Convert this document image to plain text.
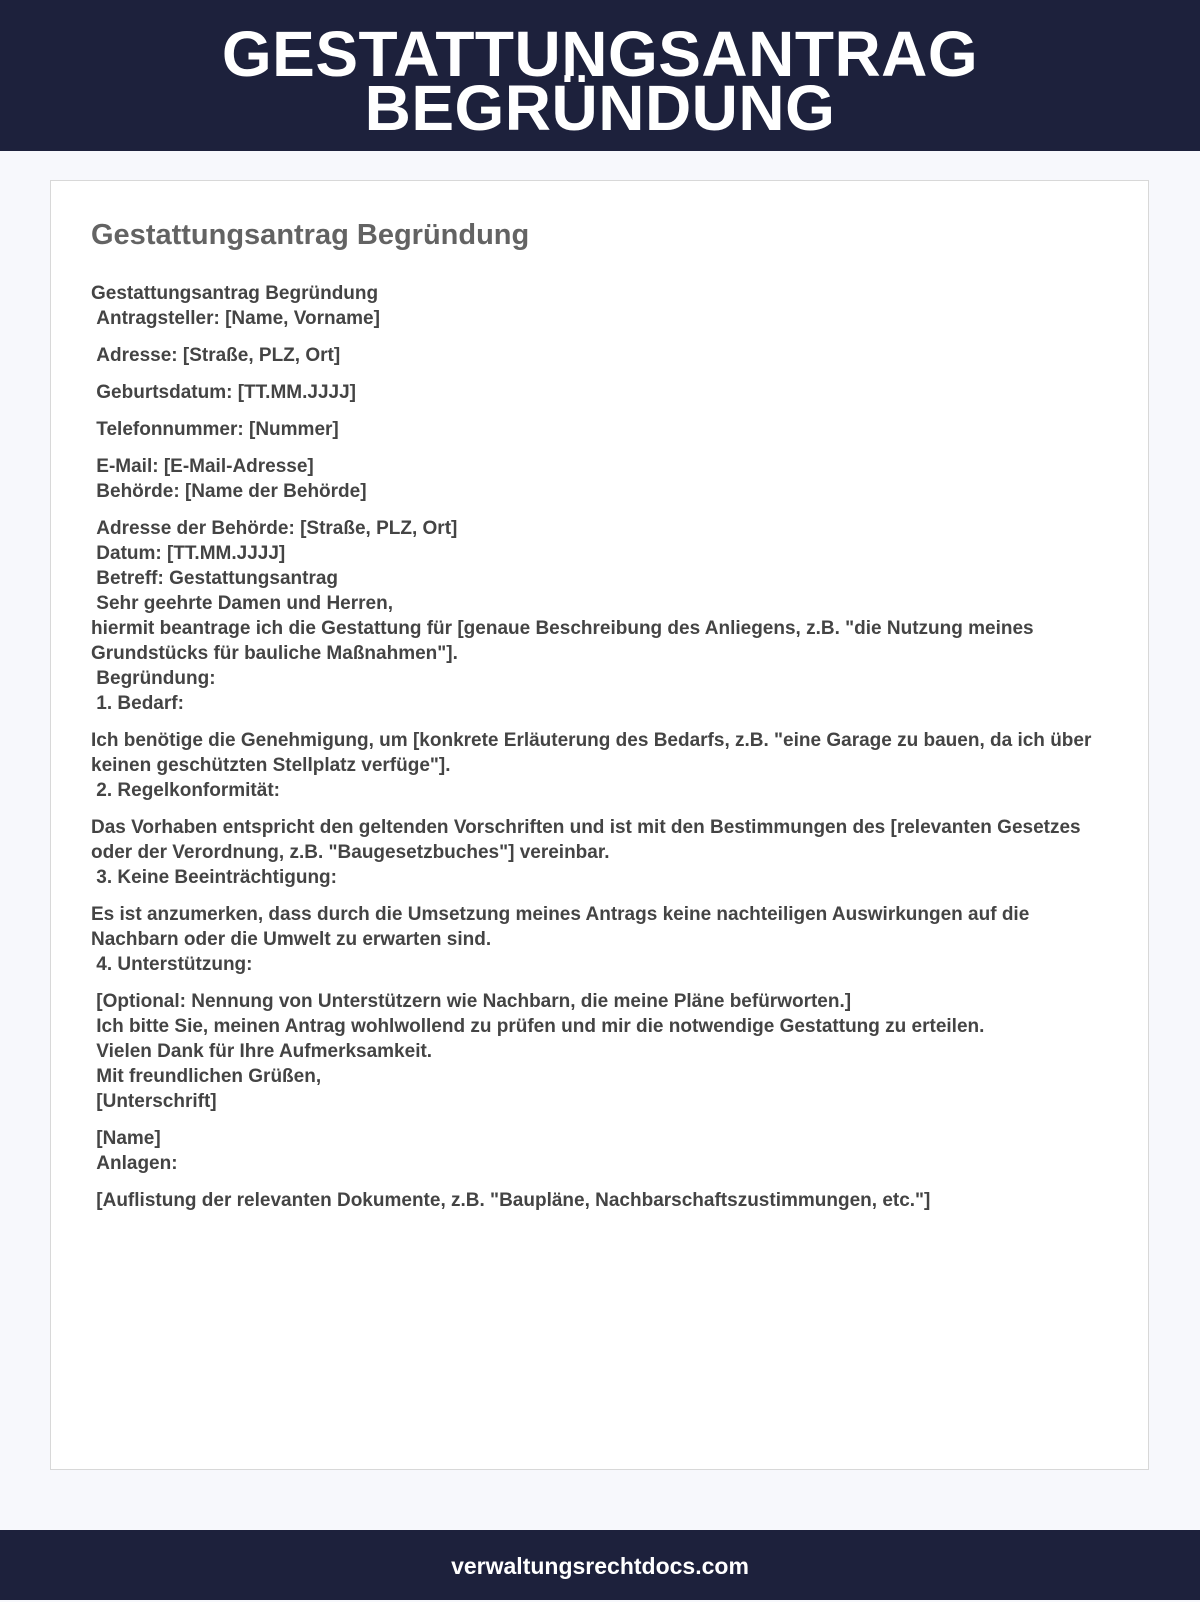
GESTATTUNGSANTRAG
BEGRÜNDUNG
Gestattungsantrag Begründung
Gestattungsantrag Begründung
Antragsteller: [Name, Vorname]
Adresse: [Straße, PLZ, Ort]
Geburtsdatum: [TT.MM.JJJJ]
Telefonnummer: [Nummer]
E-Mail: [E-Mail-Adresse]
Behörde: [Name der Behörde]
Adresse der Behörde: [Straße, PLZ, Ort]
Datum: [TT.MM.JJJJ]
Betreff: Gestattungsantrag
Sehr geehrte Damen und Herren,
hiermit beantrage ich die Gestattung für [genaue Beschreibung des Anliegens, z.B. "die Nutzung meines Grundstücks für bauliche Maßnahmen"].
Begründung:
1. Bedarf:
Ich benötige die Genehmigung, um [konkrete Erläuterung des Bedarfs, z.B. "eine Garage zu bauen, da ich über keinen geschützten Stellplatz verfüge"].
2. Regelkonformität:
Das Vorhaben entspricht den geltenden Vorschriften und ist mit den Bestimmungen des [relevanten Gesetzes oder der Verordnung, z.B. "Baugesetzbuches"] vereinbar.
3. Keine Beeinträchtigung:
Es ist anzumerken, dass durch die Umsetzung meines Antrags keine nachteiligen Auswirkungen auf die Nachbarn oder die Umwelt zu erwarten sind.
4. Unterstützung:
[Optional: Nennung von Unterstützern wie Nachbarn, die meine Pläne befürworten.]
Ich bitte Sie, meinen Antrag wohlwollend zu prüfen und mir die notwendige Gestattung zu erteilen.
Vielen Dank für Ihre Aufmerksamkeit.
Mit freundlichen Grüßen,
[Unterschrift]
[Name]
Anlagen:
[Auflistung der relevanten Dokumente, z.B. "Baupläne, Nachbarschaftszustimmungen, etc."]
verwaltungsrechtdocs.com
